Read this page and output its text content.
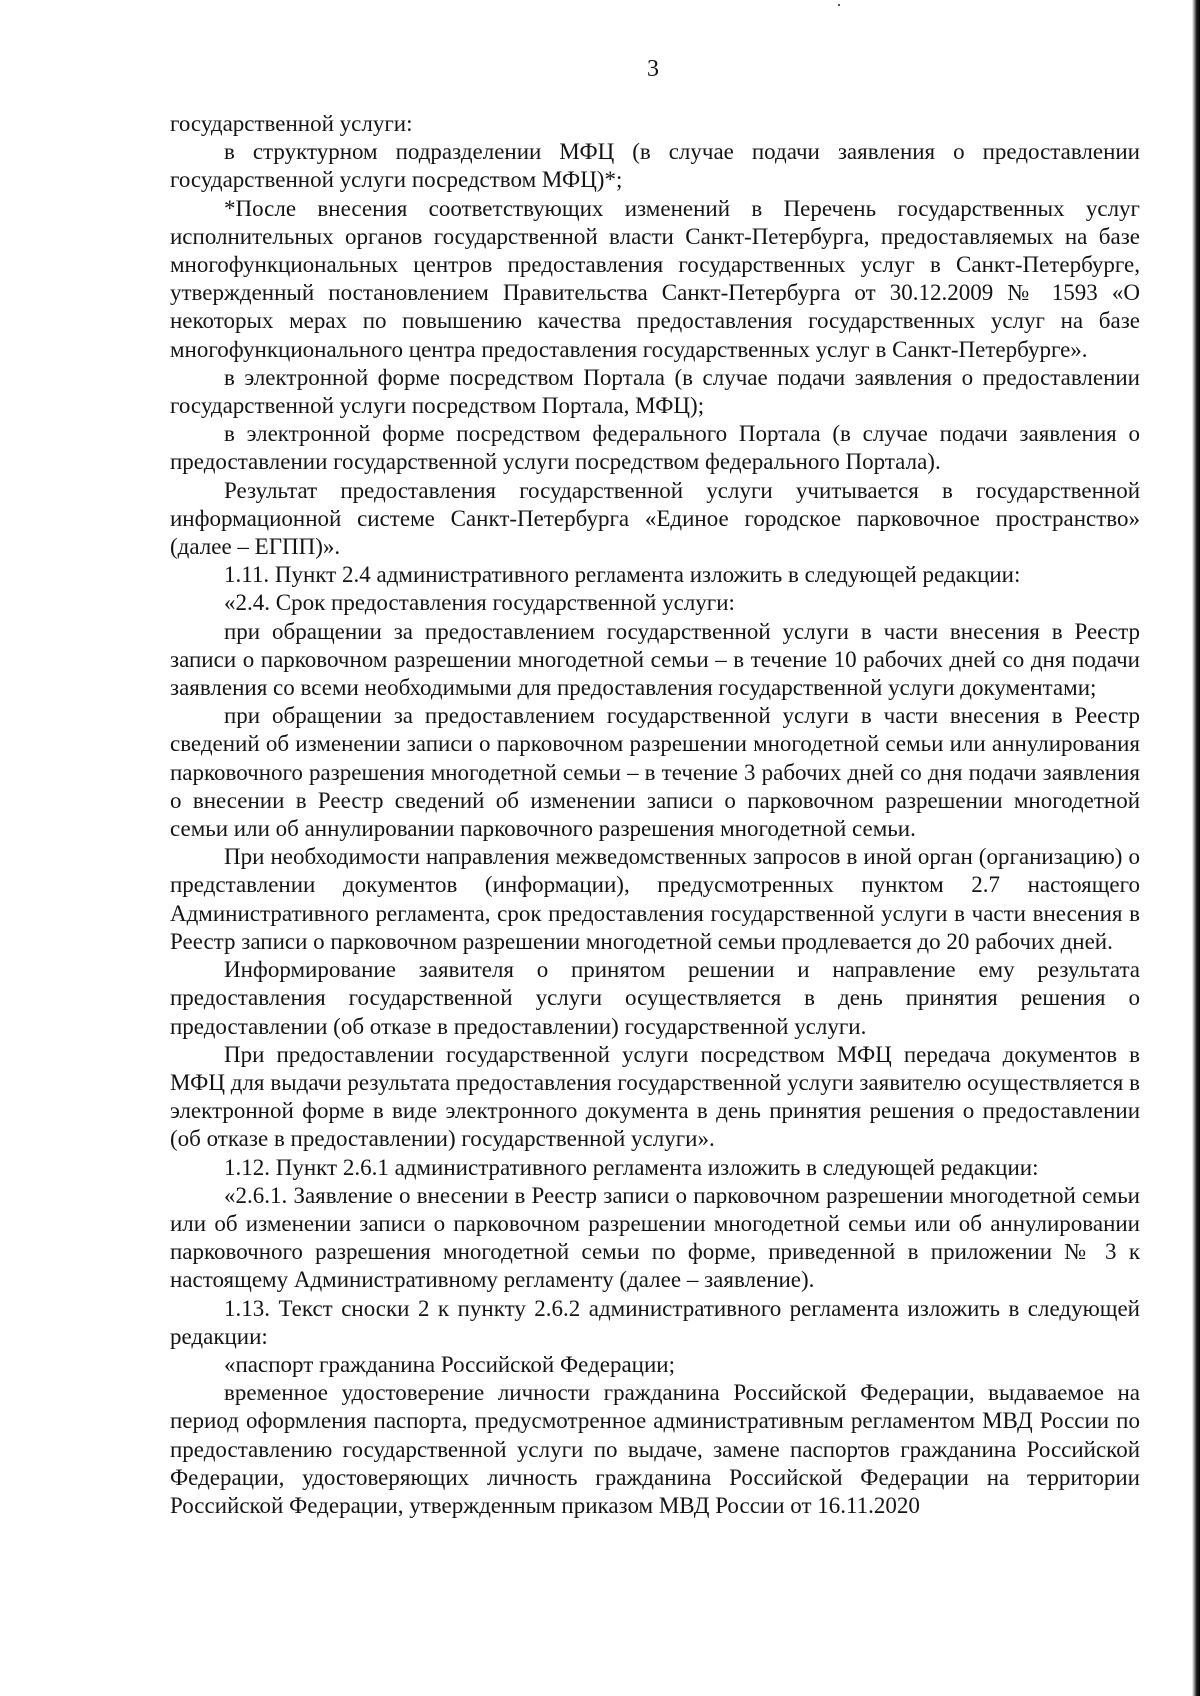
3

государственной услуги:

в структурном подразделении МФЦ (в случае подачи заявления о предоставлении государственной услуги посредством МФЦ)*;

*После внесения соответствующих изменений в Перечень государственных услуг исполнительных органов государственной власти Санкт-Петербурга, предоставляемых на базе многофункциональных центров предоставления государственных услуг в Санкт-Петербурге, утвержденный постановлением Правительства Санкт-Петербурга от 30.12.2009 № 1593 «О некоторых мерах по повышению качества предоставления государственных услуг на базе многофункционального центра предоставления государственных услуг в Санкт-Петербурге».

в электронной форме посредством Портала (в случае подачи заявления о предоставлении государственной услуги посредством Портала, МФЦ);

в электронной форме посредством федерального Портала (в случае подачи заявления о предоставлении государственной услуги посредством федерального Портала).

Результат предоставления государственной услуги учитывается в государственной информационной системе Санкт-Петербурга «Единое городское парковочное пространство» (далее – ЕГПП)».

1.11. Пункт 2.4 административного регламента изложить в следующей редакции:

«2.4. Срок предоставления государственной услуги:

при обращении за предоставлением государственной услуги в части внесения в Реестр записи о парковочном разрешении многодетной семьи – в течение 10 рабочих дней со дня подачи заявления со всеми необходимыми для предоставления государственной услуги документами;

при обращении за предоставлением государственной услуги в части внесения в Реестр сведений об изменении записи о парковочном разрешении многодетной семьи или аннулирования парковочного разрешения многодетной семьи – в течение 3 рабочих дней со дня подачи заявления о внесении в Реестр сведений об изменении записи о парковочном разрешении многодетной семьи или об аннулировании парковочного разрешения многодетной семьи.

При необходимости направления межведомственных запросов в иной орган (организацию) о представлении документов (информации), предусмотренных пунктом 2.7 настоящего Административного регламента, срок предоставления государственной услуги в части внесения в Реестр записи о парковочном разрешении многодетной семьи продлевается до 20 рабочих дней.

Информирование заявителя о принятом решении и направление ему результата предоставления государственной услуги осуществляется в день принятия решения о предоставлении (об отказе в предоставлении) государственной услуги.

При предоставлении государственной услуги посредством МФЦ передача документов в МФЦ для выдачи результата предоставления государственной услуги заявителю осуществляется в электронной форме в виде электронного документа в день принятия решения о предоставлении (об отказе в предоставлении) государственной услуги».

1.12. Пункт 2.6.1 административного регламента изложить в следующей редакции:

«2.6.1. Заявление о внесении в Реестр записи о парковочном разрешении многодетной семьи или об изменении записи о парковочном разрешении многодетной семьи или об аннулировании парковочного разрешения многодетной семьи по форме, приведенной в приложении № 3 к настоящему Административному регламенту (далее – заявление).

1.13. Текст сноски 2 к пункту 2.6.2 административного регламента изложить в следующей редакции:

«паспорт гражданина Российской Федерации;

временное удостоверение личности гражданина Российской Федерации, выдаваемое на период оформления паспорта, предусмотренное административным регламентом МВД России по предоставлению государственной услуги по выдаче, замене паспортов гражданина Российской Федерации, удостоверяющих личность гражданина Российской Федерации на территории Российской Федерации, утвержденным приказом МВД России от 16.11.2020
